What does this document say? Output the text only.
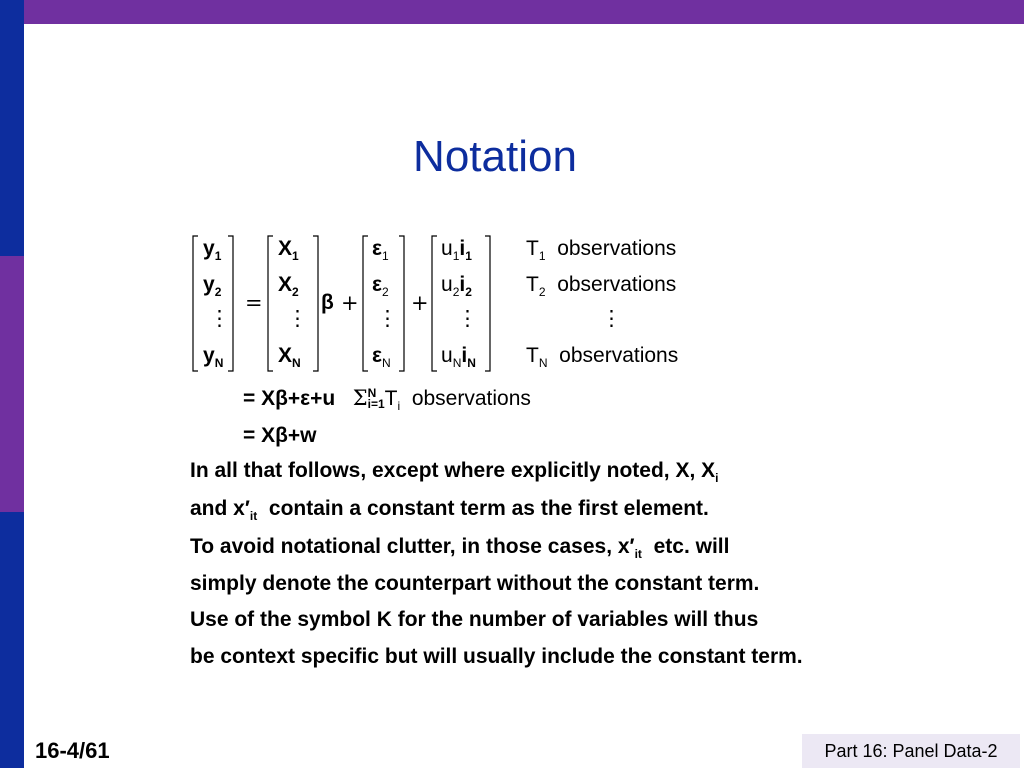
Notation
$y_1$
$y_2$
⋮
$y_N$
=
$X_1$
$X_2$
⋮
$X_N$
β +
$\varepsilon_1$
$\varepsilon_2$
⋮
$\varepsilon_N$
+
$u_1i_1$
$u_2i_2$
⋮
$u_Ni_N$
$T_1$ observations
$T_2$ observations
⋮
$T_N$ observations
= Xβ+ε+u ΣN
$i=1T_i$ observations
= Xβ+w
In all that follows, except where explicitly noted, X, $X_i$
and $x'_{it}$ contain a constant term as the first element.
To avoid notational clutter, in those cases, $x'_{it}$ etc. will
simply denote the counterpart without the constant term.
Use of the symbol K for the number of variables will thus
be context specific but will usually include the constant term.
16-4/61	Part 16: Panel Data-2
